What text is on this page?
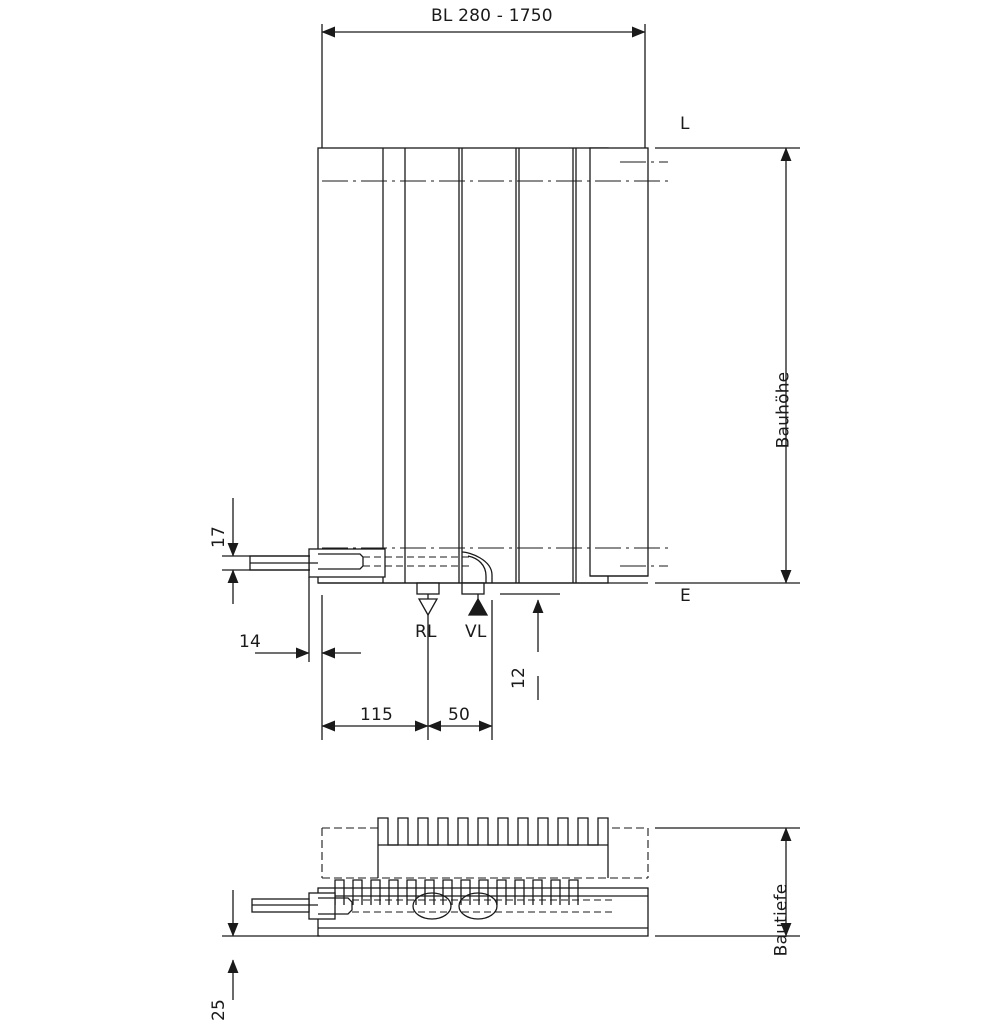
BL 280 - 1750
L
E
Bauhöhe
Bautiefe
17
14
12
115	50
25
RL VL
